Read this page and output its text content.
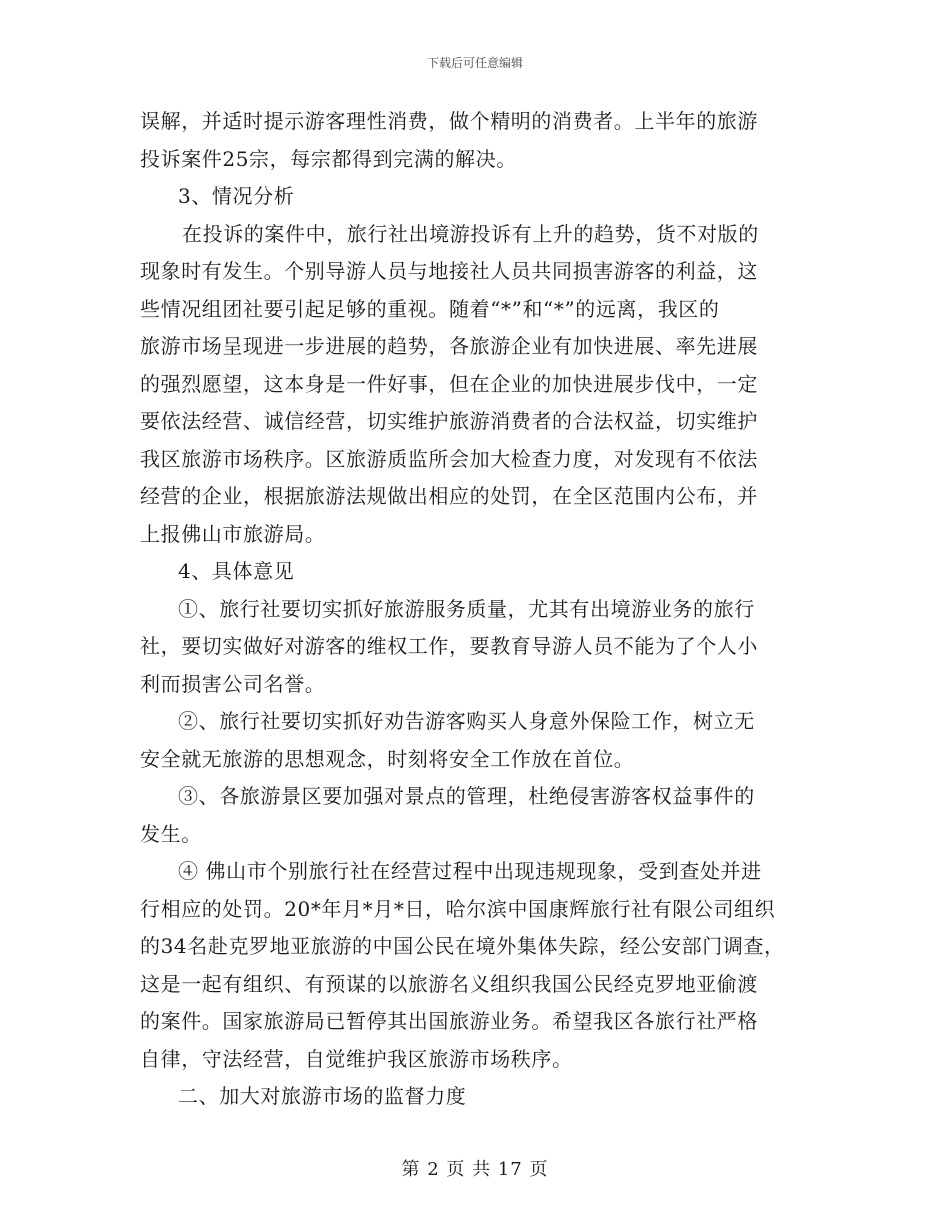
下载后可任意编辑
误解，并适时提示游客理性消费，做个精明的消费者。上半年的旅游
投诉案件25宗，每宗都得到完满的解决。
3、情况分析
在投诉的案件中，旅行社出境游投诉有上升的趋势，货不对版的
现象时有发生。个别导游人员与地接社人员共同损害游客的利益，这
些情况组团社要引起足够的重视。随着“*”和“*”的远离，我区的
旅游市场呈现进一步进展的趋势，各旅游企业有加快进展、率先进展
的强烈愿望，这本身是一件好事，但在企业的加快进展步伐中，一定
要依法经营、诚信经营，切实维护旅游消费者的合法权益，切实维护
我区旅游市场秩序。区旅游质监所会加大检查力度，对发现有不依法
经营的企业，根据旅游法规做出相应的处罚，在全区范围内公布，并
上报佛山市旅游局。
4、具体意见
①、旅行社要切实抓好旅游服务质量，尤其有出境游业务的旅行
社，要切实做好对游客的维权工作，要教育导游人员不能为了个人小
利而损害公司名誉。
②、旅行社要切实抓好劝告游客购买人身意外保险工作，树立无
安全就无旅游的思想观念，时刻将安全工作放在首位。
③、各旅游景区要加强对景点的管理，杜绝侵害游客权益事件的
发生。
④ 佛山市个别旅行社在经营过程中出现违规现象，受到查处并进
行相应的处罚。20*年月*月*日，哈尔滨中国康辉旅行社有限公司组织
的34名赴克罗地亚旅游的中国公民在境外集体失踪，经公安部门调查，
这是一起有组织、有预谋的以旅游名义组织我国公民经克罗地亚偷渡
的案件。国家旅游局已暂停其出国旅游业务。希望我区各旅行社严格
自律，守法经营，自觉维护我区旅游市场秩序。
二、加大对旅游市场的监督力度
第 2 页 共 17 页
